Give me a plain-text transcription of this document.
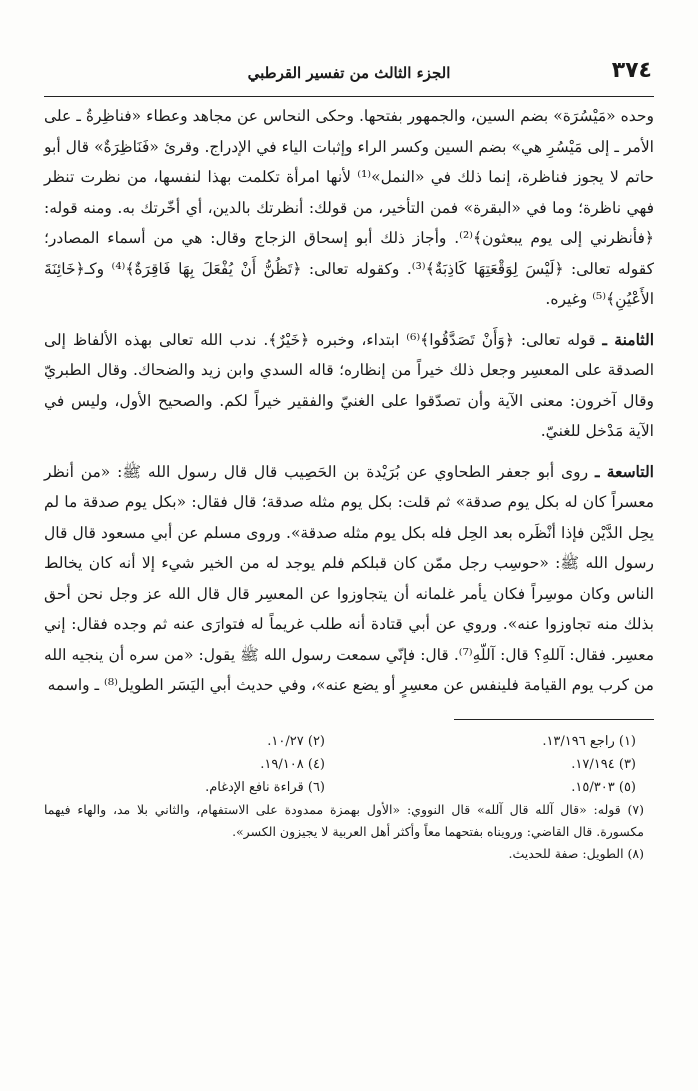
٣٧٤
الجزء الثالث من تفسير القرطبي

وحده «مَيْسُرَة» بضم السين، والجمهور بفتحها. وحكى النحاس عن مجاهد وعطاء «فناظِرةُ ـ على الأمر ـ إلى مَيْسُرِ هي» بضم السين وكسر الراء وإثبات الياء في الإدراج. وقرئ «فَنَاظِرَةٌ» قال أبو حاتم لا يجوز فناظرة، إنما ذلك في «النمل»⁽¹⁾ لأنها امرأة تكلمت بهذا لنفسها، من نظرت تنظر فهي ناظرة؛ وما في «البقرة» فمن التأخير، من قولك: أنظرتك بالدين، أي أخّرتك به. ومنه قوله: ﴿فأنظرني إلى يوم يبعثون﴾⁽²⁾. وأجاز ذلك أبو إسحاق الزجاج وقال: هي من أسماء المصادر؛ كقوله تعالى: ﴿لَيْسَ لِوَقْعَتِهَا كَاذِبَةٌ﴾⁽³⁾. وكقوله تعالى: ﴿تَظُنُّ أَنْ يُفْعَلَ بِهَا فَاقِرَةٌ﴾⁽⁴⁾ وكـ﴿خَائِنَةَ الأَعْيُنِ﴾⁽⁵⁾ وغيره.

الثامنة ـ قوله تعالى: ﴿وَأَنْ تَصَدَّقُوا﴾⁽⁶⁾ ابتداء، وخبره ﴿خَيْرٌ﴾. ندب الله تعالى بهذه الألفاظ إلى الصدقة على المعسِر وجعل ذلك خيراً من إنظاره؛ قاله السدي وابن زيد والضحاك. وقال الطبريّ وقال آخرون: معنى الآية وأن تصدّقوا على الغنيّ والفقير خيراً لكم. والصحيح الأول، وليس في الآية مَدْخل للغنيّ.

التاسعة ـ روى أبو جعفر الطحاوي عن بُرَيْدة بن الحَصِيب قال قال رسول الله ﷺ: «من أنظر معسراً كان له بكل يوم صدقة» ثم قلت: بكل يوم مثله صدقة؛ قال فقال: «بكل يوم صدقة ما لم يحِل الدَّيْن فإذا أنْظَره بعد الحِل فله بكل يوم مثله صدقة». وروى مسلم عن أبي مسعود قال قال رسول الله ﷺ: «حوسِب رجل ممّن كان قبلكم فلم يوجد له من الخير شيء إلا أنه كان يخالط الناس وكان موسِراً فكان يأمر غلمانه أن يتجاوزوا عن المعسِر قال قال الله عز وجل نحن أحق بذلك منه تجاوزوا عنه». وروي عن أبي قتادة أنه طلب غريماً له فتوارَى عنه ثم وجده فقال: إني معسِر. فقال: آللهِ؟ قال: آللّهِ⁽⁷⁾. قال: فإنّي سمعت رسول الله ﷺ يقول: «من سره أن ينجيه الله من كرب يوم القيامة فلينفس عن معسِرٍ أو يضع عنه»، وفي حديث أبي اليَسَر الطويل⁽⁸⁾ ـ واسمه

(١) راجع ١٣/١٩٦.
(٢) ١٠/٢٧.
(٣) ١٧/١٩٤.
(٤) ١٩/١٠٨.
(٥) ١٥/٣٠٣.
(٦) قراءة نافع الإدغام.
(٧) قوله: «قال آلله قال آلله» قال النووي: «الأول بهمزة ممدودة على الاستفهام، والثاني بلا مد، والهاء فيهما مكسورة. قال القاضي: ورويناه بفتحهما معاً وأكثر أهل العربية لا يجيزون الكسر».
(٨) الطويل: صفة للحديث.
